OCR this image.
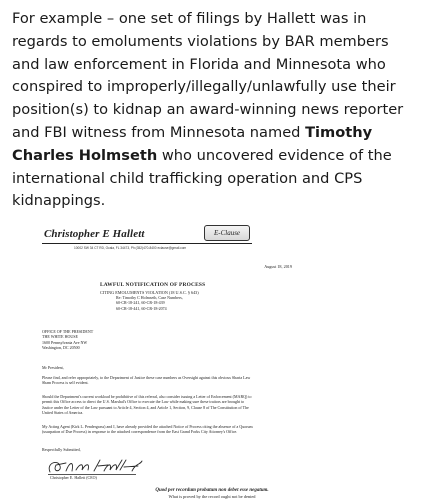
For example – one set of filings by Hallett was in regards to emoluments violations by BAR members and law enforcement in Florida and Minnesota who conspired to improperly/illegally/unlawfully use their position(s) to kidnap an award-winning news reporter and FBI witness from Minnesota named Timothy Charles Holmseth who uncovered evidence of the international child trafficking operation and CPS kidnappings.

Christopher E Hallett	E-Clause
10002 SW 34 CT RD, Ocala, FL 34473, Ph:(352)470-8400 eclause@gmail.com
August 18, 2019
LAWFUL NOTIFICATION OF PROCESS
CITING EMOLUMENTS VIOLATION (18 U.S.C. § 643)
Re: Timothy C Holmseth, Case Numbers,
60-CR-18-241, 60-CR-18-439
60-CR-18-441, 60-CR-18-2074
OFFICE OF THE PRESIDENT
THE WHITE HOUSE
1600 Pennsylvania Ave NW
Washington, DC 20500
Mr President,
Please find, and refer appropriately, to the Department of Justice these case numbers as Oversight against this obvious Sharia Law Sham Process is self evident.
Should the Department's current workload be prohibitive of this referral, also consider issuing a Letter of Enforcement (MARQ) to permit this Office access to direct the U.S. Marshal's Office to execute the Law while making sure these traitors are brought to Justice under the Letter of the Law pursuant to Article 4, Section 4, and Article 1, Section, 9, Clause 8 of The Constitution of The United States of America.
My Acting Agent (Kirk L. Pendergrass) and I, have already provided the attached Notice of Process citing the absence of a Quorum (usurpation of Due Process) in response to the attached correspondence from the East Grand Forks City Attorney's Office.
Respectfully Submitted,
Christopher E. Hallett (CEO)
Quod per recordum probatum non debet esse negatum.
What is proved by the record ought not be denied
